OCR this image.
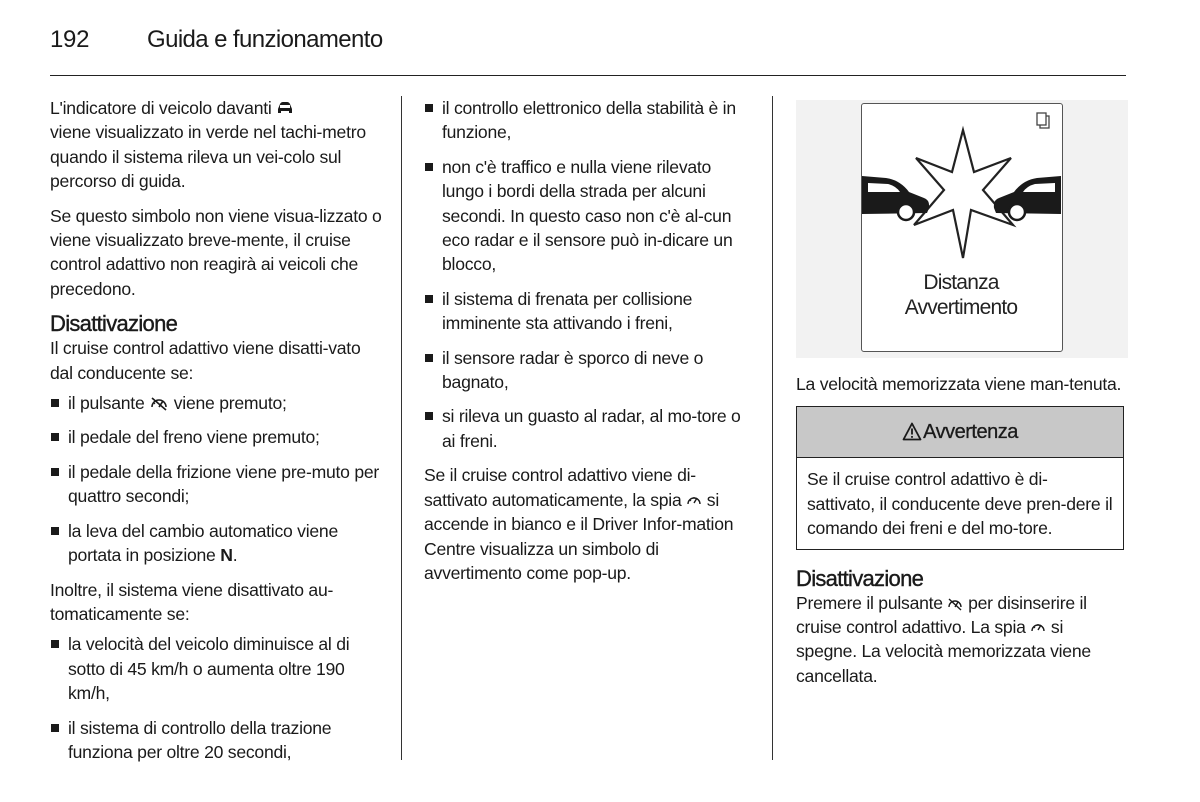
192 Guida e funzionamento

L'indicatore di veicolo davanti

viene visualizzato in verde nel tachi-metro quando il sistema rileva un vei-colo sul percorso di guida.

Se questo simbolo non viene visua-lizzato o viene visualizzato breve-mente, il cruise control adattivo non reagirà ai veicoli che precedono.

Disattivazione

Il cruise control adattivo viene disatti-vato dal conducente se:

il pulsante
viene premuto;
il pedale del freno viene premuto;
il pedale della frizione viene pre-muto per quattro secondi;
la leva del cambio automatico viene portata in posizione N.

Inoltre, il sistema viene disattivato au-tomaticamente se:

la velocità del veicolo diminuisce al di sotto di 45 km/h o aumenta oltre 190 km/h,
il sistema di controllo della trazione funziona per oltre 20 secondi,
il controllo elettronico della stabilità è in funzione,
non c'è traffico e nulla viene rilevato lungo i bordi della strada per alcuni secondi. In questo caso non c'è al-cun eco radar e il sensore può in-dicare un blocco,
il sistema di frenata per collisione imminente sta attivando i freni,
il sensore radar è sporco di neve o bagnato,
si rileva un guasto al radar, al mo-tore o ai freni.

Se il cruise control adattivo viene di-sattivato automaticamente, la spia
si accende in bianco e il Driver Infor-mation Centre visualizza un simbolo di avvertimento come pop-up.

Distanza
Avvertimento

La velocità memorizzata viene man-tenuta.

Avvertenza
Se il cruise control adattivo è di-sattivato, il conducente deve pren-dere il comando dei freni e del mo-tore.
Disattivazione

Premere il pulsante
per disinserire il cruise control adattivo. La spia
si spegne. La velocità memorizzata viene cancellata.
